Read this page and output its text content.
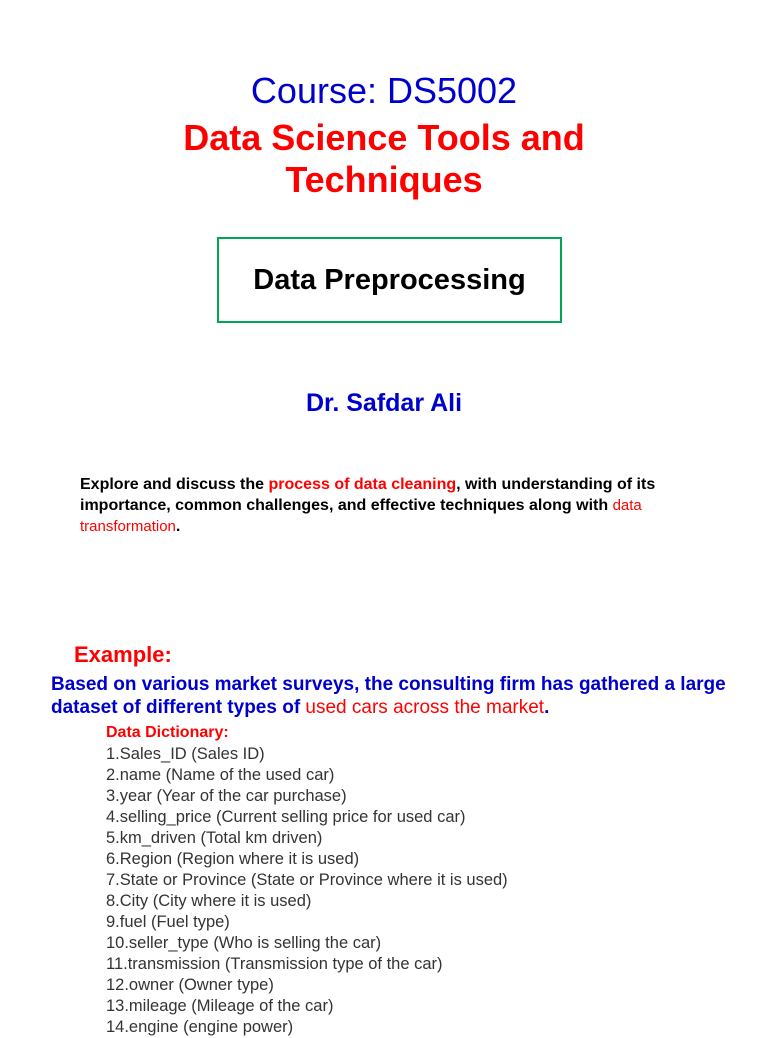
Course: DS5002
Data Science Tools and
Techniques
Data Preprocessing
Dr. Safdar Ali
Explore and discuss the process of data cleaning, with understanding of its importance, common challenges, and effective techniques along with data transformation.
Example:
Based on various market surveys, the consulting firm has gathered a large dataset of different types of used cars across the market.
Data Dictionary:
1.Sales_ID (Sales ID)
2.name (Name of the used car)
3.year (Year of the car purchase)
4.selling_price (Current selling price for used car)
5.km_driven (Total km driven)
6.Region (Region where it is used)
7.State or Province (State or Province where it is used)
8.City (City where it is used)
9.fuel (Fuel type)
10.seller_type (Who is selling the car)
11.transmission (Transmission type of the car)
12.owner (Owner type)
13.mileage (Mileage of the car)
14.engine (engine power)
